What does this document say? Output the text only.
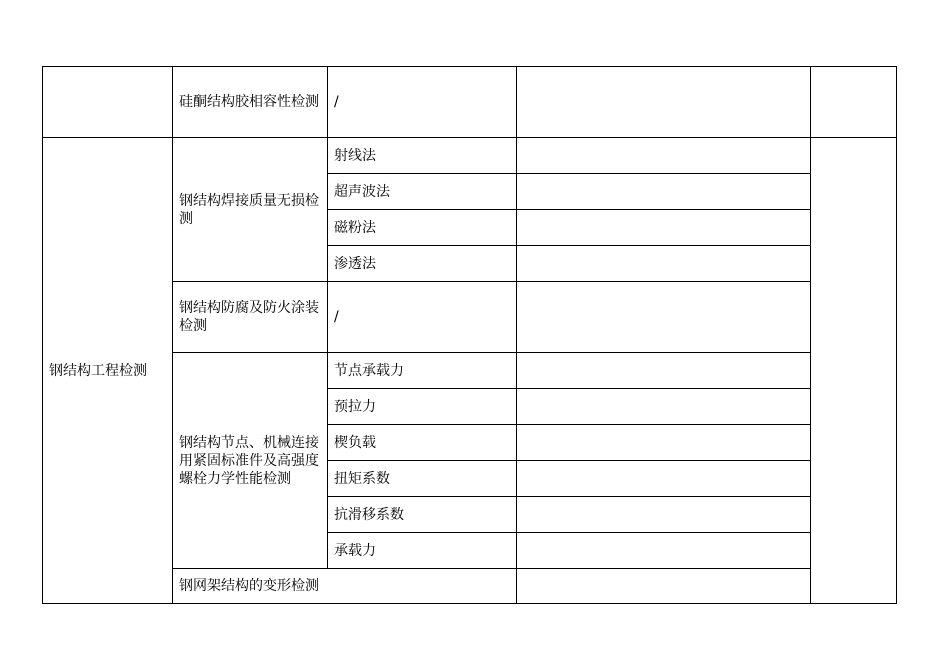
	硅酮结构胶相容性检测	/		
钢结构工程检测	钢结构焊接质量无损检测	射线法		
		超声波法		
		磁粉法		
		渗透法		
	钢结构防腐及防火涂装检测	/		
	钢结构节点、机械连接用紧固标准件及高强度螺栓力学性能检测	节点承载力		
		预拉力		
		楔负载		
		扭矩系数		
		抗滑移系数		
		承载力		
	钢网架结构的变形检测			
